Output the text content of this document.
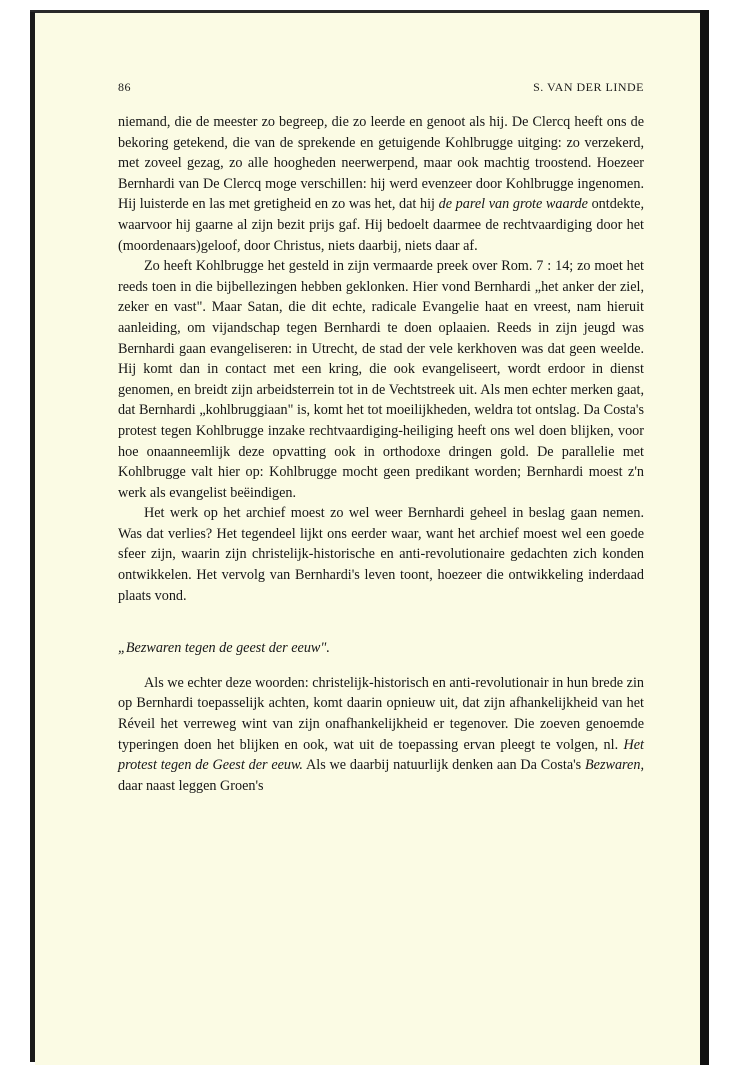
86	S. VAN DER LINDE

niemand, die de meester zo begreep, die zo leerde en genoot als hij. De Clercq heeft ons de bekoring getekend, die van de sprekende en getuigende Kohlbrugge uitging: zo verzekerd, met zoveel gezag, zo alle hoogheden neerwerpend, maar ook machtig troostend. Hoezeer Bernhardi van De Clercq moge verschillen: hij werd evenzeer door Kohlbrugge ingenomen. Hij luisterde en las met gretigheid en zo was het, dat hij de parel van grote waarde ontdekte, waarvoor hij gaarne al zijn bezit prijs gaf. Hij bedoelt daarmee de rechtvaardiging door het (moordenaars)geloof, door Christus, niets daarbij, niets daar af.

Zo heeft Kohlbrugge het gesteld in zijn vermaarde preek over Rom. 7 : 14; zo moet het reeds toen in die bijbellezingen hebben geklonken. Hier vond Bernhardi „het anker der ziel, zeker en vast". Maar Satan, die dit echte, radicale Evangelie haat en vreest, nam hieruit aanleiding, om vijandschap tegen Bernhardi te doen oplaaien. Reeds in zijn jeugd was Bernhardi gaan evangeliseren: in Utrecht, de stad der vele kerkhoven was dat geen weelde. Hij komt dan in contact met een kring, die ook evangeliseert, wordt erdoor in dienst genomen, en breidt zijn arbeidsterrein tot in de Vechtstreek uit. Als men echter merken gaat, dat Bernhardi „kohlbruggiaan" is, komt het tot moeilijkheden, weldra tot ontslag. Da Costa's protest tegen Kohlbrugge inzake rechtvaardiging-heiliging heeft ons wel doen blijken, voor hoe onaanneemlijk deze opvatting ook in orthodoxe dringen gold. De parallelie met Kohlbrugge valt hier op: Kohlbrugge mocht geen predikant worden; Bernhardi moest z'n werk als evangelist beëindigen.

Het werk op het archief moest zo wel weer Bernhardi geheel in beslag gaan nemen. Was dat verlies? Het tegendeel lijkt ons eerder waar, want het archief moest wel een goede sfeer zijn, waarin zijn christelijk-historische en anti-revolutionaire gedachten zich konden ontwikkelen. Het vervolg van Bernhardi's leven toont, hoezeer die ontwikkeling inderdaad plaats vond.

„Bezwaren tegen de geest der eeuw".

Als we echter deze woorden: christelijk-historisch en anti-revolutionair in hun brede zin op Bernhardi toepasselijk achten, komt daarin opnieuw uit, dat zijn afhankelijkheid van het Réveil het verreweg wint van zijn onafhankelijkheid er tegenover. Die zoeven genoemde typeringen doen het blijken en ook, wat uit de toepassing ervan pleegt te volgen, nl. Het protest tegen de Geest der eeuw. Als we daarbij natuurlijk denken aan Da Costa's Bezwaren, daar naast leggen Groen's
